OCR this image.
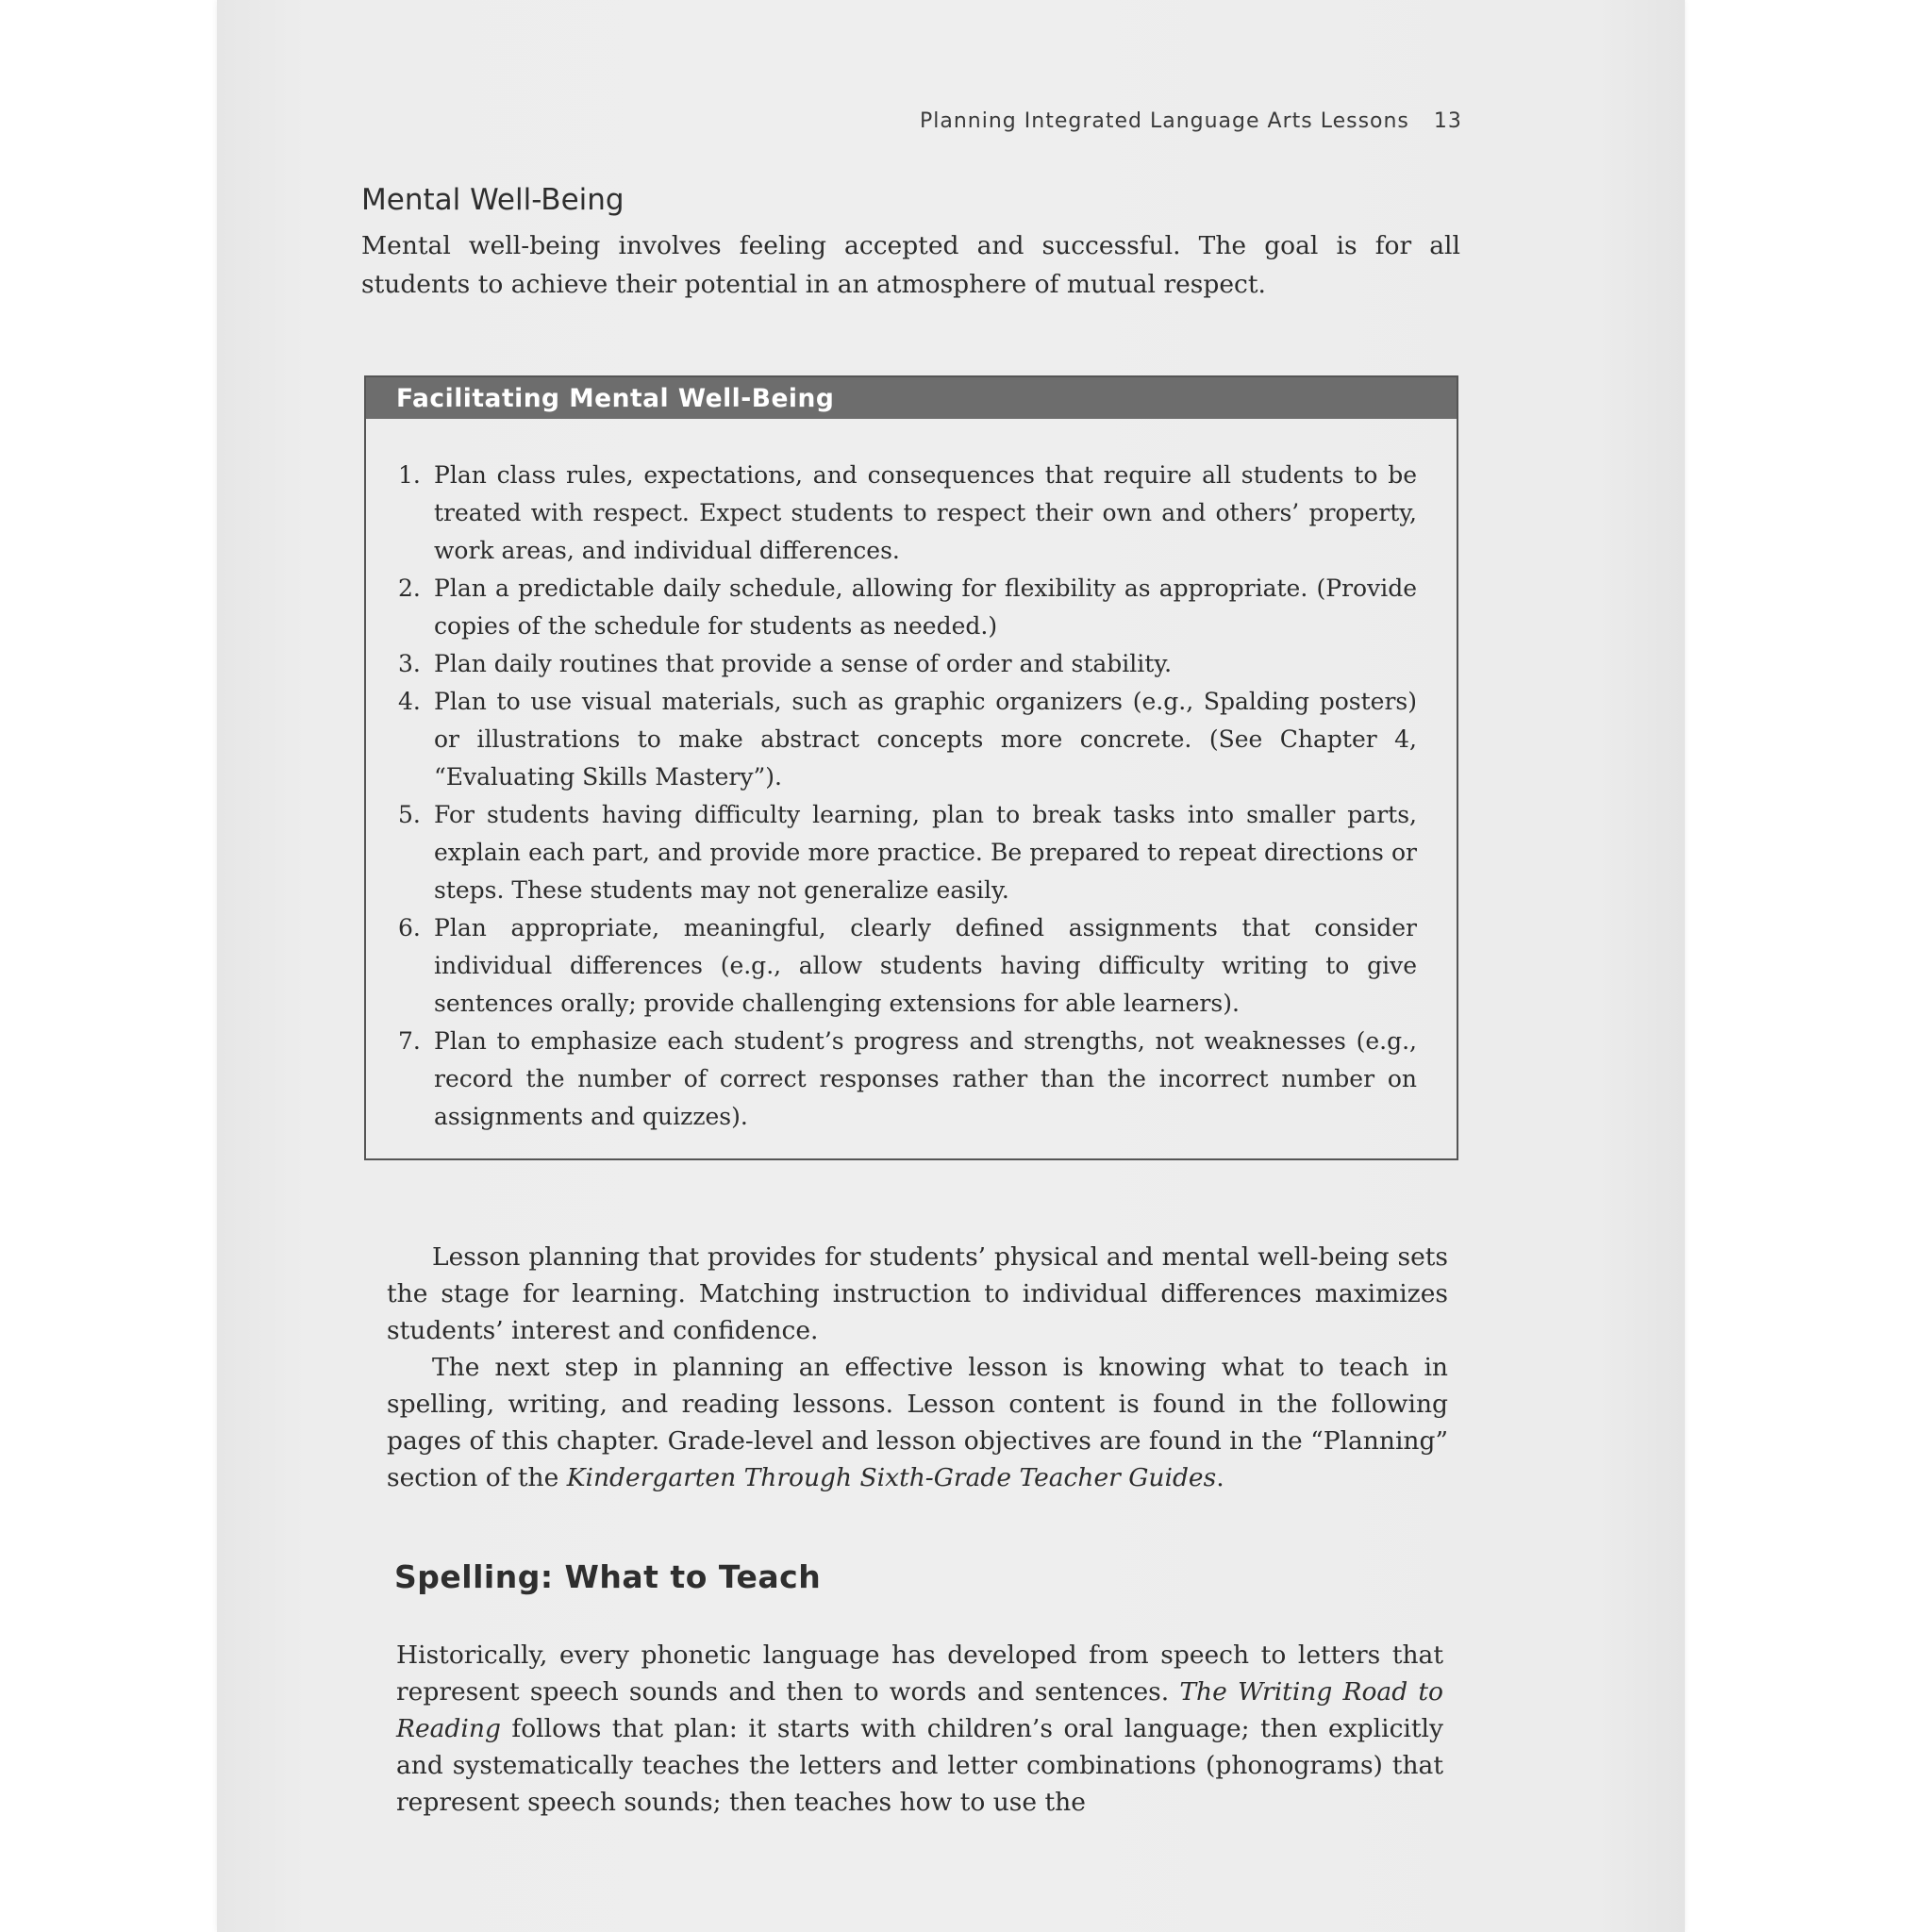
Planning Integrated Language Arts Lessons 13
Mental Well-Being

Mental well-being involves feeling accepted and successful. The goal is for all students to achieve their potential in an atmosphere of mutual respect.

Facilitating Mental Well-Being
1. Plan class rules, expectations, and consequences that require all students to be treated with respect. Expect students to respect their own and others’ property, work areas, and individual differences.
2. Plan a predictable daily schedule, allowing for flexibility as appropriate. (Provide copies of the schedule for students as needed.)
3. Plan daily routines that provide a sense of order and stability.
4. Plan to use visual materials, such as graphic organizers (e.g., Spalding posters) or illustrations to make abstract concepts more concrete. (See Chapter 4, “Evaluating Skills Mastery”).
5. For students having difficulty learning, plan to break tasks into smaller parts, explain each part, and provide more practice. Be prepared to repeat directions or steps. These students may not generalize easily.
6. Plan appropriate, meaningful, clearly defined assignments that consider individual differences (e.g., allow students having difficulty writing to give sentences orally; provide challenging extensions for able learners).
7. Plan to emphasize each student’s progress and strengths, not weaknesses (e.g., record the number of correct responses rather than the incorrect number on assignments and quizzes).

Lesson planning that provides for students’ physical and mental well-being sets the stage for learning. Matching instruction to individual differences maximizes students’ interest and confidence.

The next step in planning an effective lesson is knowing what to teach in spelling, writing, and reading lessons. Lesson content is found in the following pages of this chapter. Grade-level and lesson objectives are found in the “Planning” section of the Kindergarten Through Sixth-Grade Teacher Guides.

Spelling: What to Teach

Historically, every phonetic language has developed from speech to letters that represent speech sounds and then to words and sentences. The Writing Road to Reading follows that plan: it starts with children’s oral language; then explicitly and systematically teaches the letters and letter combinations (phonograms) that represent speech sounds; then teaches how to use the
